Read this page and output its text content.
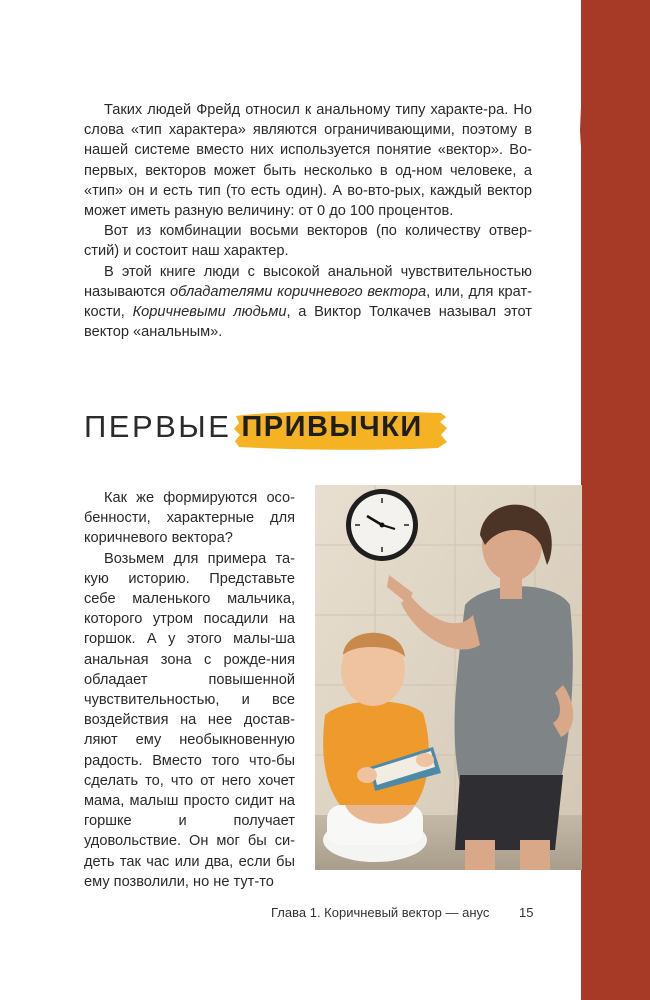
Таких людей Фрейд относил к анальному типу характе-ра. Но слова «тип характера» являются ограничивающими, поэтому в нашей системе вместо них используется понятие «вектор». Во-первых, векторов может быть несколько в од-ном человеке, а «тип» он и есть тип (то есть один). А во-вто-рых, каждый вектор может иметь разную величину: от 0 до 100 процентов.

Вот из комбинации восьми векторов (по количеству отвер-стий) и состоит наш характер.

В этой книге люди с высокой анальной чувствительностью называются обладателями коричневого вектора, или, для крат-кости, Коричневыми людьми, а Виктор Толкачев называл этот вектор «анальным».

ПЕРВЫЕ ПРИВЫЧКИ

Как же формируются осо-бенности, характерные для коричневого вектора?

Возьмем для примера та-кую историю. Представьте себе маленького мальчика, которого утром посадили на горшок. А у этого малы-ша анальная зона с рожде-ния обладает повышенной чувствительностью, и все воздействия на нее достав-ляют ему необыкновенную радость. Вместо того что-бы сделать то, что от него хочет мама, малыш просто сидит на горшке и получает удовольствие. Он мог бы си-деть так час или два, если бы ему позволили, но не тут-то

Глава 1. Коричневый вектор — анус 15
